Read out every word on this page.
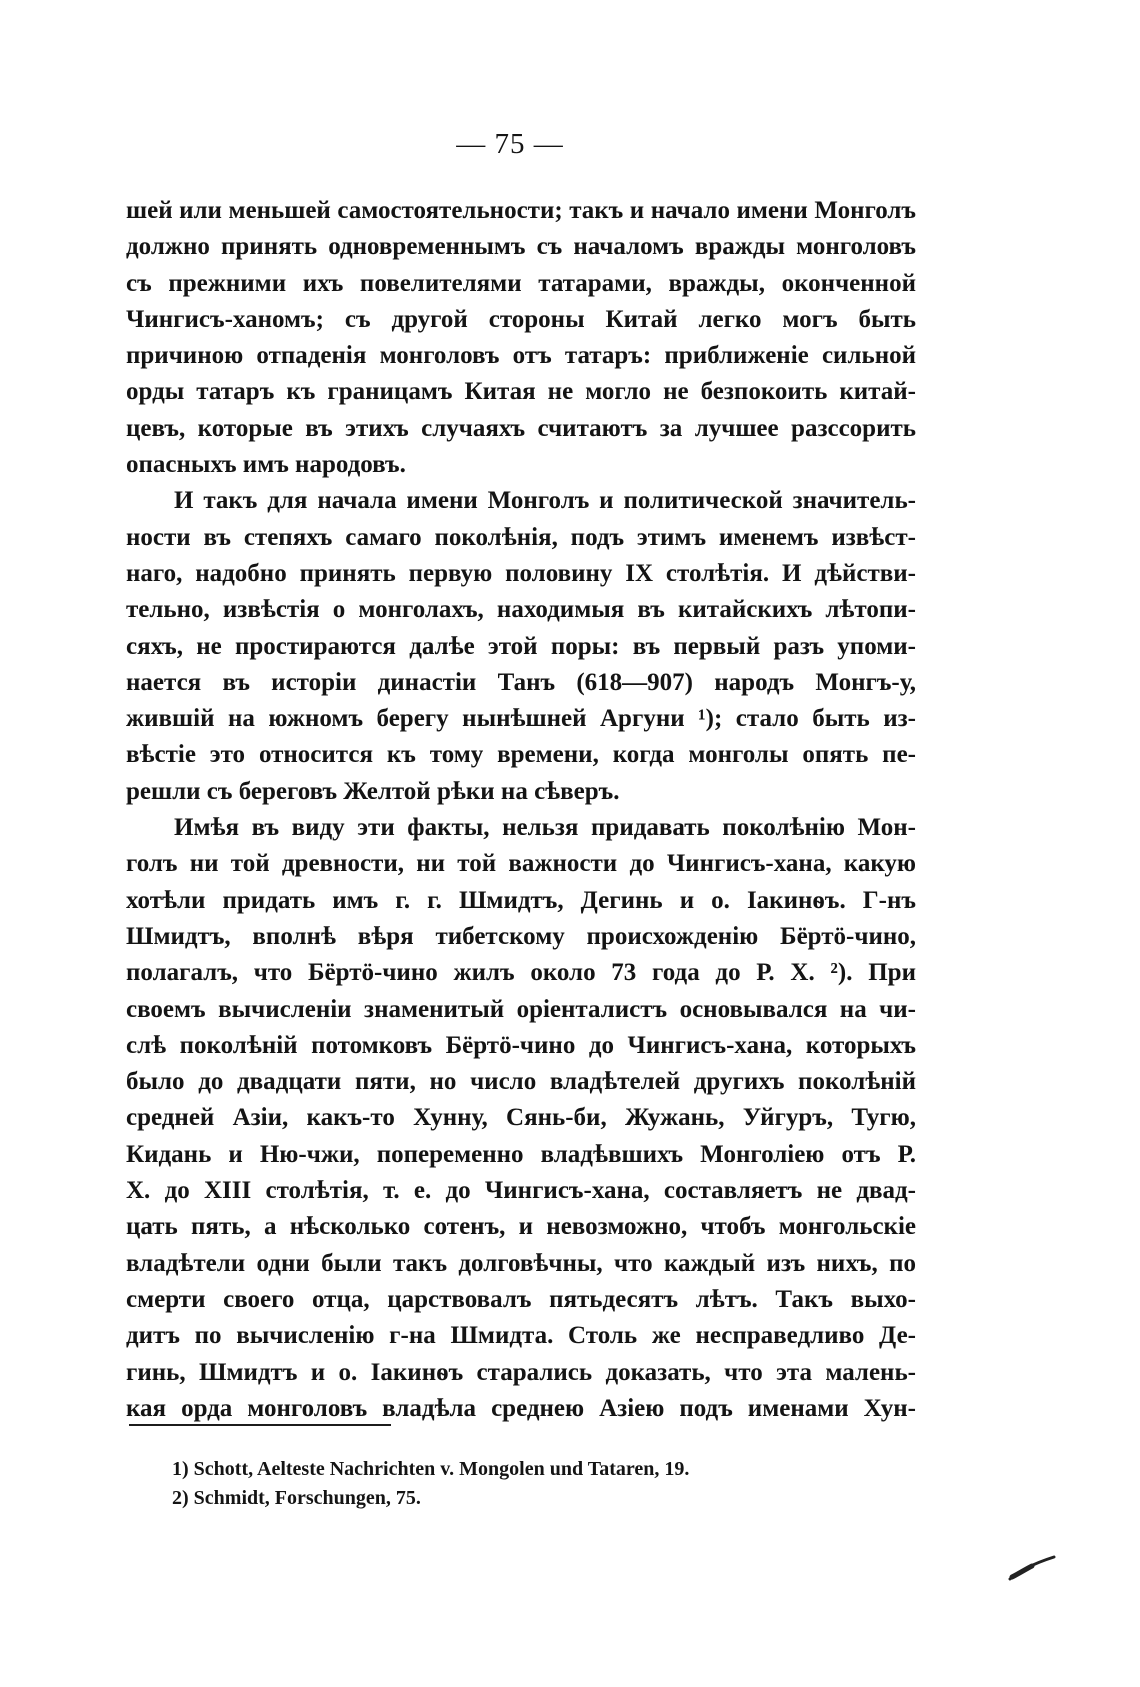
— 75 —
шей или меньшей самостоятельности; такъ и начало имени Монголъ
должно принять одновременнымъ съ началомъ вражды монголовъ
съ прежними ихъ повелителями татарами, вражды, оконченной
Чингисъ-ханомъ; съ другой стороны Китай легко могъ быть
причиною отпаденія монголовъ отъ татаръ: приближеніе сильной
орды татаръ къ границамъ Китая не могло не безпокоить китай-
цевъ, которые въ этихъ случаяхъ считаютъ за лучшее разссорить
опасныхъ имъ народовъ.
И такъ для начала имени Монголъ и политической значитель-
ности въ степяхъ самаго поколѣнія, подъ этимъ именемъ извѣст-
наго, надобно принять первую половину IX столѣтія. И дѣйстви-
тельно, извѣстія о монголахъ, находимыя въ китайскихъ лѣтопи-
сяхъ, не простираются далѣе этой поры: въ первый разъ упоми-
нается въ исторіи династіи Танъ (618—907) народъ Монгъ-у,
жившій на южномъ берегу нынѣшней Аргуни ¹); стало быть из-
вѣстіе это относится къ тому времени, когда монголы опять пе-
решли съ береговъ Желтой рѣки на сѣверъ.
Имѣя въ виду эти факты, нельзя придавать поколѣнію Мон-
голъ ни той древности, ни той важности до Чингисъ-хана, какую
хотѣли придать имъ г. г. Шмидтъ, Дегинь и о. Іакинѳъ. Г-нъ
Шмидтъ, вполнѣ вѣря тибетскому происхожденію Бёртӧ-чино,
полагалъ, что Бёртӧ-чино жилъ около 73 года до Р. Х. ²). При
своемъ вычисленіи знаменитый оріенталистъ основывался на чи-
слѣ поколѣній потомковъ Бёртӧ-чино до Чингисъ-хана, которыхъ
было до двадцати пяти, но число владѣтелей другихъ поколѣній
средней Азіи, какъ-то Хунну, Сянь-би, Жужань, Уйгуръ, Тугю,
Кидань и Ню-чжи, попеременно владѣвшихъ Монголіею отъ Р.
Х. до XIII столѣтія, т. е. до Чингисъ-хана, составляетъ не двад-
цать пять, а нѣсколько сотенъ, и невозможно, чтобъ монгольскіе
владѣтели одни были такъ долговѣчны, что каждый изъ нихъ, по
смерти своего отца, царствовалъ пятьдесятъ лѣтъ. Такъ выхо-
дитъ по вычисленію г-на Шмидта. Столь же несправедливо Де-
гинь, Шмидтъ и о. Іакинѳъ старались доказать, что эта малень-
кая орда монголовъ владѣла среднею Азіею подъ именами Хун-
1) Schott, Aelteste Nachrichten v. Mongolen und Tataren, 19.
2) Schmidt, Forschungen, 75.
